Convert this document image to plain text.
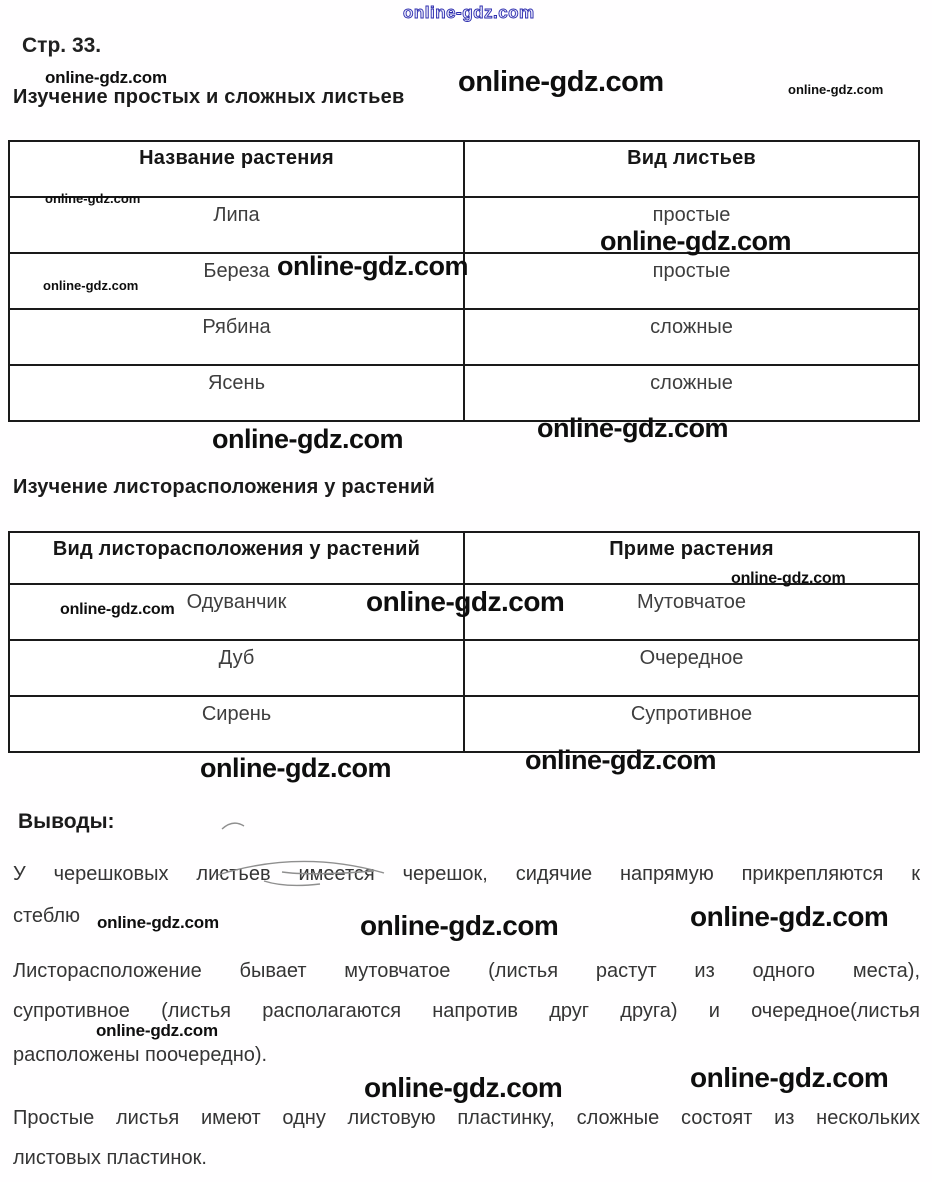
online-gdz.com
Стр. 33.
online-gdz.com	online-gdz.com	online-gdz.com
Изучение простых и сложных листьев
Название растения	Вид листьев
Липа	простые
Береза	простые
Рябина	сложные
Ясень	сложные
online-gdz.com
online-gdz.com
online-gdz.com
online-gdz.com
online-gdz.com	online-gdz.com
Изучение листорасположения у растений
Вид листорасположения у растений	Приме растения
Одуванчик	Мутовчатое
Дуб	Очередное
Сирень	Супротивное
online-gdz.com
online-gdz.com
online-gdz.com
online-gdz.com	online-gdz.com
Выводы:
У черешковых листьев имеется черешок, сидячие напрямую прикрепляются к
стеблю online-gdz.com	online-gdz.com	online-gdz.com
Листорасположение бывает мутовчатое (листья растут из одного места),
супротивное (листья располагаются напротив друг друга) и очередное(листья
online-gdz.com
расположены поочередно).
online-gdz.com	online-gdz.com
Простые листья имеют одну листовую пластинку, сложные состоят из нескольких
листовых пластинок.
